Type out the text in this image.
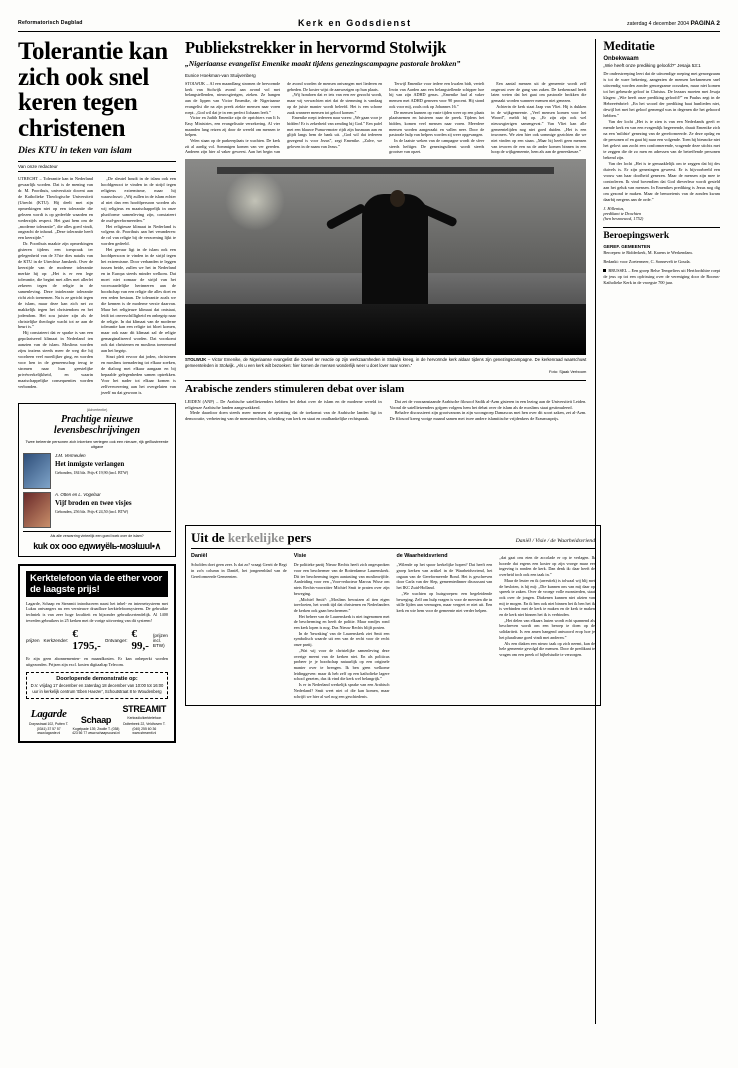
Reformatorisch Dagblad	Kerk en Godsdienst	zaterdag 4 december 2004 PAGINA 2
Tolerantie kan zich ook snel keren tegen christenen
Dies KTU in teken van islam
Van onze redacteur

UTRECHT – Tolerantie kan in Nederland gevaarlijk worden. Dat is de mening van dr. M. Poorthuis, universitair docent aan de Katholieke Theologische Universiteit (Utrecht (KTU). Hij deelt met zijn opmerkingen niet op een tolerantie die gelezen wordt is op gedeelde waarden en wederzijds respect. Het gaat hem om de „moderne tolerantie”, die alles goed vindt, ongeacht de inhoud. „Deze tolerantie heeft een keerzijde.”

Dr. Poorthuis maakte zijn opmerkingen gisteren tijdens een toespraak ter gelegenheid van de 37ste dies natalis van de KTU in de Utrechtse Janskerk. Over de keerzijde van de moderne tolerantie merkte hij op: „Het is er een lege tolerantie, die begint met alles met allerlei zekeren tegen de religie in de samenleving. Deze intolerante tolerantie richt zich toenemen. Nu is ze gericht tegen de islam, maar deze kan zich net zo makkelijk tegen het christendom en het jodendom. Het zou juister zijn als de christelijke theologie wacht tot ze aan de beurt is.”

Hij constateert dat er sprake is van een gepolariseerd klimaat in Nederland ten aanzien van de islam. Moslims worden zijns inziens steeds meer de weg die hij voorheen veel moeilijker ging, en worden voor hen in de gemeenschap terug te stromen naar hun geestelijke privéwerkelijkheid, en waarin maatschappelijke consequenties worden verbonden.

„De sleutel houdt in de islam ook een hoofdgenoot te vinden in de strijd tegen religieus extremisme, maar hij waarschuwt: „Wij zullen in de islam echter al niet dan een hoofdpersoon worden als wij religieus en maatschappelijk in onze pluriforme samenleving zijn, constateert de oud-gereformeerden.”

Het religieuze klimaat in Nederland is volgens dr. Poorthuis aan het veranderen: de rol van religie bij de verzoening lijkt te worden gedeeld.

Het gevaar ligt in de islam ook een hoofdpersoon te vinden in de strijd tegen het extremisme. Door verbanden te leggen tussen beide, zullen we het in Nederland en in Europa steeds minder welkom. Dat moet niet zomaar de strijd van het voorwaardelijke herinneren aan de boodschap van een religie die alles doet en een reden bestaan. De tolerantie zoals we die kennen is de moderne versie daarvan. Maar het religieuze klimaat dat ontstaat, leidt tot onverschilligheid en onbegrip naar de religie. In dat klimaat van de moderne tolerantie kan een religie tot bloei komen, maar ook naar dit klimaat zal de religie gemarginaliseerd worden. Dat voorkomt ook dat christenen en moslims toenemend aan het begrip.

Sinzi pleit ervoor dat joden, christenen en moslims toenadering tot elkaar zoeken, de dialoog met elkaar aangaan en bij bepaalde gelegenheden samen optrekken. Voor het nader tot elkaar komen is zelfverwerering aan het overgelaten van jezelf nu dat gewoon is.

(Advertentie)
Prachtige nieuwe levensbeschrijvingen
Twee beleerde personen zich inkerken vertegen ook een nieuwe, rijk geïllustreerde uitgave
J.M. Vermeulen
Het inmigste verlangen
Gebonden, 184 blz. Prijs € 19,90 (incl. BTW)
A. Otten en L. Vogelaar
Vijf broden en twee visjes
Gebonden, 256 blz. Prijs € 24,50 (incl. BTW)
Als alle verwarring vinteelijk een goed boek over de islam?
kuk ox ooo eдwиуёlь-мoэlшul•∧
Kerktelefoon via de ether voor de laagste prijs!
Lagarde, Schaap en Streamit introduceren naast het inbel- en internetsysteem met Lukas ontvangers nu een vernieuwe draadloze kerktelefoonsysteem. De gebruikte techniek is van zeer hoge kwaliteit en bijzonder gebruiksvriendelijk. Al 1400 tevreden gebruikers in 25 kerken met de vorige uitvoering van dit systeem!
prijzen Kerkzender: € 1795,- Ontvanger: € 99,-
(prijzen incl. BTW)
Er zijn geen abonnementen- en maandkosten. Er kan onbeperkt worden uitgezonden. Prijzen zijn excl. kosten digitaaltap Telecom.
Doorlopende demonstratie op:
D.V. vrijdag 17 december en zaterdag 18 december van 10:00 tot 16:00 uur in kerkelijk centrum 'Eben Haezer', Schoutstraat 8 te Woudenberg
Lagarde
Dorpsstraat 102, Putten T. (0341) 37 57 57 www.lagarde.nl
Schaap
Kogelpade 139, Zwolle T. (038) 423 56 77 www.schaapsound.nl
STREAMIT
Kerkradio/kerktelefoon
Dolterbeek 22, Veldhoven T. (040) 255 60 36 www.streamit.nl
Publiekstrekker in hervormd Stolwijk
„Nigeriaanse evangelist Emenike maakt tijdens genezingscampagne pastorale brokken”
Eunice Hoekman-van Stuijvenberg

STOLWIJK – Al een maandlang stromen de hervormde kerk van Stolwijk avond aan avond vol met belangstellenden, nieuwsgierigen, zieken. Ze hangen aan de lippen van Victor Emenike, de Nigeriaanse evangelist die na zijn preek ziekte mensen naar voren roept. „God wil dat je in een perfect lichaam leeft.”

Victor en Judith Emenike zijn de oprichters van It Is Easy Ministries, een evangelisatie verzekering. Al vier maanden lang reizen zij door de wereld om mensen te helpen.

Velen staan op de parkeerplaats te wachten. De kerk zit al aardig vol. Sommigen komen van ver gereden. Anderen zijn hier al vaker geweest. Aan het begin van de avond worden de mensen ontvangen met liederen en gebeden. De koster wijst de aanwezigen op hun plaats.

„Wij hondoen dat er iets van een eer gezocht wordt, maar wij verwachten niet dat de stemming is vandaag op de juiste manier wordt beleefd. Het is een schone zaak wanneer mensen tot geloof komen.”

Emenike roept iedereen naar voren: „We gaan voor je bidden! Er is zekerheid van zending bij God.” Een pafel met een blauwe Puma-emoter rijdt zijn busmaan aan en glijdt langs hem de bank uit. „God wil dat iedereen gezegend is voor Jezus”, zegt Emenike. „Zalve, we geloven in de naam van Jezus.”

Terwijl Emenike voor iedere een kwalen bidt, vertelt Irwin van Aarden aan een belangstellende schipper hoe hij van zijn ADHD genas. „Emenike had al vaker mensen met ADHD genezen voor 90 procent. Hij stond ook voor mij, zoals ook op Johannes 16.”

De mensen kunnen op vaste tijden weer op een plaats plaatsnemen en luisteren naar de preek. Tijdens het bidden, komen veel mensen naar voren. Meerdere mensen worden aangeraakt en vallen neer. Door de pastorale hulp van helpers worden zij weer opgevangen.

In de laatste weken van de campagne wordt de sfeer steeds heftiger. De genezingsdienst wordt steeds grootser van opzet.

Een aantal mensen uit de gemeente wordt zelf ongerust over de gang van zaken. De kerkenraad heeft laten weten dat het gaat om pastorale brokken die gemaakt worden wanneer mensen niet genezen.

Achterin de kerk staat Jaap van Vliet. Hij is dukken in de wijkgemeente. „Veel mensen komen voor het Woord”, meldt hij op. „Er zijn zijn ook wel nieuwsgierigen samengevat.” Van Vliet kan alle gemeentelijden nog niet goed duiden. „Het is een inwoners. We zien hier ook sommige gezichten die we niet vinden op een staan. „Maar hij heeft geen mensen van tevoren de een na de ander komen binnen in een hoop de wijkgemeente, hem als aan de geneeskeuze.”

STOLWIJK – Victor Emenike, de Nigeriaanse evangelist die zoveel ter reactie op zijn werkzaamheden in Stolwijk kreeg, in de hervormde kerk aldaar tijdens zijn genezingscampagne. De kerkenraad waarschuwt gemeenteleden in Stolwijk. „Als u een kerk wilt bezoeken: hier komen de mensen wonderlijk weer u doet lover naar voren.”
Foto: Sjaak Verboom
Arabische zenders stimuleren debat over islam

LEIDEN (ANP) – De Arabische satellietzenders hebben het debat over de islam en de moderne wereld in religieuze Arabische landen aangewakkerd.

Mede daardoor doen steeds meer mensen de opvatting dat de toekomst van de Arabische landen ligt in democratie, verbetering van de mensenrechten, scheiding van kerk en staat en onafhankelijke rechtspraak.

Dat zei de vooraanstaande Arabische filosoof Sadik al-Azm gisteren in een lezing aan de Universiteit Leiden. Vooral de satellietzenders grijpen volgens hem het debat over de islam als de moslims staat gestimuleerd.

Behalve discussieert zijn grootvanons in zijn woongroep Damascus met hen over dit soort zaken, zei al-Azm. De filosoof kreeg vorige maand samen met twee andere islamitische vrijdenkers de Erasmusprijs.

Meditatie
Onbekwaam
„Wie heeft onze prediking geloofd?” Jesaja 53:1

De onderstreeping leert dat de uitwendige roeping met genoegzaam is tot de ware bekering, aangezien de mensen kerkmensen snel uitwendig worden zonder genoegzame oorzaken, maar niet komen tot het gebeurde geloof in Christus. De lezaars moeten met Jesaja klagen: „Wie heeft onze prediking geloofd?” en Paulus zegt in de Hebreeënbrief: „En het woord der prediking baat hunlieden niet, dewijl het met het geloof gemengd was in degenen die het gehoord hebben.”

Van der locht „Het is te zien is van een Nederlands geeft er mende kerk en van een evagenlijk begeerende, draait Emenike zich na een 'mildste' genezing van de gereformeerde. Ze deze opdag en de personen of en gaat bij naar een volgende. Toen hij biesnoke niet het gelovt aan zocht een conformerende, vragende deze stichts met te zeggen die de zo men en adressen van de betreffende personen bekend zijn.

Van der locht „Het is te gemaaklelijk om te zeggen dat bij des duivels is. Er zijn genezingen geweest. Er is bijvoorbeeld een vrouw van haar doofheid genezen. Maar de mensen zijn mee te controleren. Ik vind bovendien dat God dieverleur wordt gesteld aan het geluk van mensen. In Emenikes prediking is Jezus nog dig om gezond te maken. Maar de bemoeienis van de zonden kwam daarbij nergens aan de orde.”

J. Hillenius,
predikant te Drachten
(hen besnoeuwd, 1752)
Beroepingswerk
GEREF. GEMEENTEN
Beroepen: te Ridderkerk, M. Karens te Werkendam.
Bedankt: voor Zoetermeer, C. Sonnevelt te Gouda.
BRUSSEL – Een groep Belse Tempeliers uit Hertfordshire roept de jeus op tot een opfrissing over de vereniging door de Rooms-Katholieke Kerk in de vroegste 700 jaar.
Uit de kerkelijke pers	Daniël / Visie / de Waarheidsvriend
Daniël

Scholden doet geen zeer. Is dat zo? vraagt Gerrit de Regt in zo'n column in Daniël, het jongerenblad van de Gereformeerde Gemeenten.

Visie

De politieke partij Nieuw Rechts heeft zich ongesproken voor een beschermer van de Rotterdamse Laurenskerk. Dit ter bescherming tegen aantasting van moslimvijfde. Aanleiding voor een „Voor-redacteur Marcus Wisse om niets Rechts-voorzitter Michiel Smit te praten over zijn beweging.

„Michiel Smit?: „Moslims bewuizen al tien eigen toevloeien, het wordt tijd dat christenen en Nederlanders de kerken ook gaan beschermen.”

Het beheer van de Laurenskerk is niet ingenomen met de bescherming en heeft de politie. Maar rondjes rond een kerk lopen is nog. Dus Nieuw Rechts blijft posten.

In de 'bewaking' van de Laurenskerk ziet Smit een symbolisch waarde uit een van de recht voor de recht onze partij.

„Wat wij voor de christelijke samenleving deze overige meent van de kerken niet. En als politicus probeer je je boodschap natuurlijk op een originele manier over te brengen. Ik ben geen welkome leidinggeven: maar ik heb zelf op een katholieke lagere school gezeten, dus ik vind die kerk wel belangrijk.”

Is er in Nederland werkelijk sprake van een Arabisch Nederland? Smit weet niet of die kan komen, maar schrijft we hier al wel nog een geschiedenis.

de Waarheidsvriend

„Wilende op het spoor kerkelijke hopen? Dat heeft een groep kerken van artikel in de Waarheidsvriend, het orgaan van de Gereformeerde Bond. Het is geschreven door Carla van der Slep, gemeentedinner discussant van het IKC Zuid-Holland.

„We wachten op huisgroepen: een begeleidende beweging. Zelf om hulp vragen is voor de meesten die in stille lijden aan vermogen, maar vergeet er niet uit. Een kerk en wie hem voor de gemeente niet verder helpen.

„dat gaat ons eten de accolade er op te verlagen. Ik hoorde dat ergens een koster op zijn vroege maar eer ingeving is ronden de kerk. Dan denk ik: daar heeft de overheid toch ook een taak in.”

Maar de leuter en ik (arrestiek) is tolwaal wij blij met de besloten, is hij mij: „Die kunnen ons van mij daar op spreek te zaken. Over de vroege volle monsterden, staat ook over de jongen. Diakenen kunnen niet afzien van mij te mogen. En ik ben ook niet binnen het ik ben het ik is verbinden met de kerk te maken en de kerk te maken en de kerk niet binnen het ik is verbinden.

„Het delen van elkaars lasten wordt echt spannend als beschreven wordt om een beroep te doen op de solidariteit. Is een amen hangend antwoord erop hoe je het pluralisme goed vindt met anderen.”

Als een diaken een nieuw taak op zich neemt, kan de hele gemeente gevolgd die mensen. Door de predikant te vragen om een preek of bijbelstudie te verzorgen.
